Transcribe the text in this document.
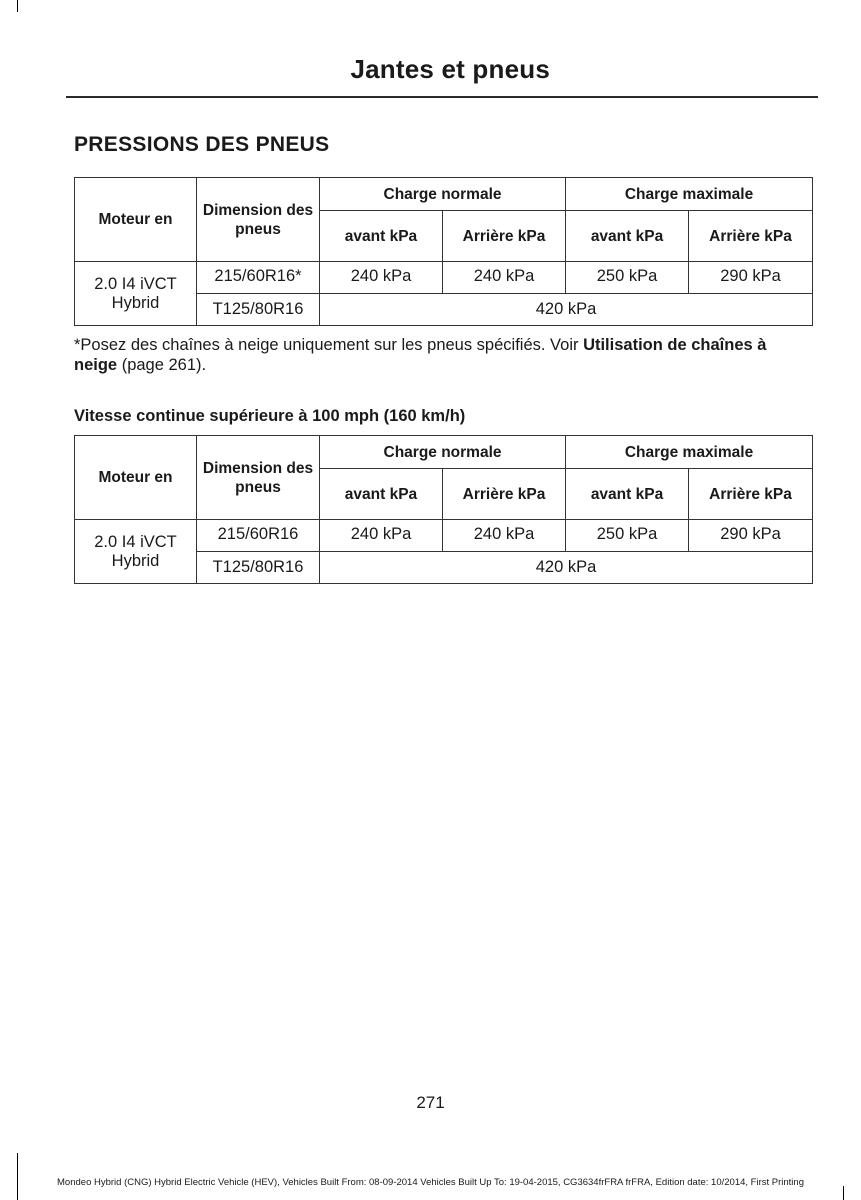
Jantes et pneus
PRESSIONS DES PNEUS
Moteur en	Dimension des pneus	Charge normale		Charge maximale	
		avant kPa	Arrière kPa	avant kPa	Arrière kPa
2.0 I4 iVCT Hybrid	215/60R16*	240 kPa	240 kPa	250 kPa	290 kPa
	T125/80R16	420 kPa			

*Posez des chaînes à neige uniquement sur les pneus spécifiés. Voir Utilisation de chaînes à neige (page 261).

Vitesse continue supérieure à 100 mph (160 km/h)
Moteur en	Dimension des pneus	Charge normale		Charge maximale	
		avant kPa	Arrière kPa	avant kPa	Arrière kPa
2.0 I4 iVCT Hybrid	215/60R16	240 kPa	240 kPa	250 kPa	290 kPa
	T125/80R16	420 kPa			
271
Mondeo Hybrid (CNG) Hybrid Electric Vehicle (HEV), Vehicles Built From: 08-09-2014 Vehicles Built Up To: 19-04-2015, CG3634frFRA frFRA, Edition date: 10/2014, First Printing
